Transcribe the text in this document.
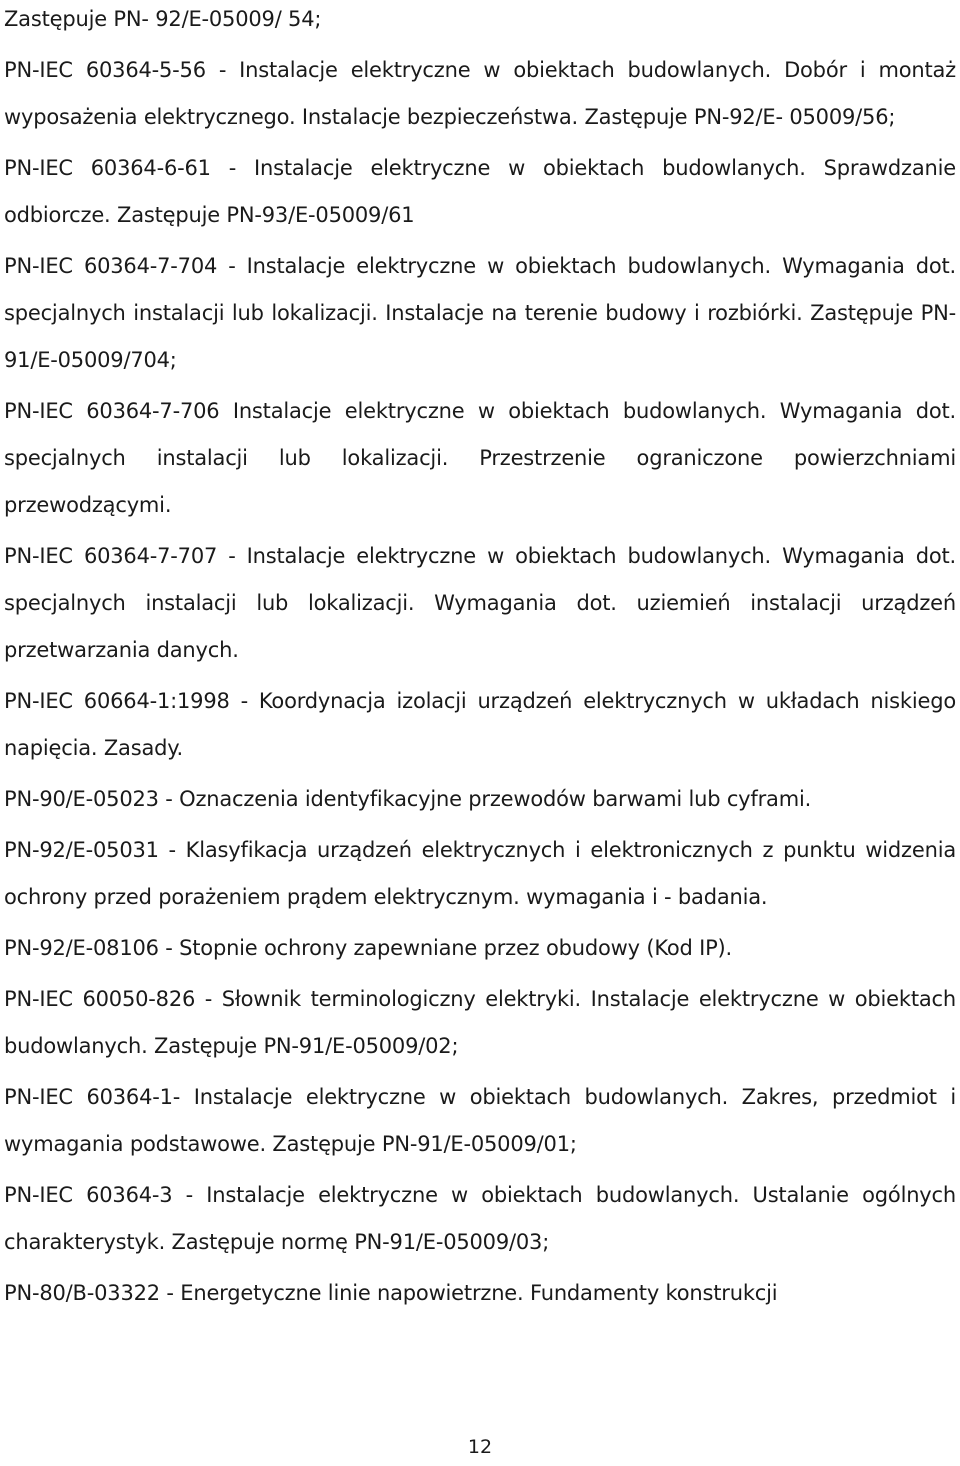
Zastępuje PN- 92/E-05009/ 54;

PN-IEC 60364-5-56 - Instalacje elektryczne w obiektach budowlanych. Dobór i montaż wyposażenia elektrycznego. Instalacje bezpieczeństwa. Zastępuje PN-92/E- 05009/56;

PN-IEC 60364-6-61 - Instalacje elektryczne w obiektach budowlanych. Sprawdzanie odbiorcze. Zastępuje PN-93/E-05009/61

PN-IEC 60364-7-704 - Instalacje elektryczne w obiektach budowlanych. Wymagania dot. specjalnych instalacji lub lokalizacji. Instalacje na terenie budowy i rozbiórki. Zastępuje PN-91/E-05009/704;

PN-IEC 60364-7-706 Instalacje elektryczne w obiektach budowlanych. Wymagania dot. specjalnych instalacji lub lokalizacji. Przestrzenie ograniczone powierzchniami przewodzącymi.

PN-IEC 60364-7-707 - Instalacje elektryczne w obiektach budowlanych. Wymagania dot. specjalnych instalacji lub lokalizacji. Wymagania dot. uziemień instalacji urządzeń przetwarzania danych.

PN-IEC 60664-1:1998 - Koordynacja izolacji urządzeń elektrycznych w układach niskiego napięcia. Zasady.

PN-90/E-05023 - Oznaczenia identyfikacyjne przewodów barwami lub cyframi.

PN-92/E-05031 - Klasyfikacja urządzeń elektrycznych i elektronicznych z punktu widzenia ochrony przed porażeniem prądem elektrycznym. wymagania i - badania.

PN-92/E-08106 - Stopnie ochrony zapewniane przez obudowy (Kod IP).

PN-IEC 60050-826 - Słownik terminologiczny elektryki. Instalacje elektryczne w obiektach budowlanych. Zastępuje PN-91/E-05009/02;

PN-IEC 60364-1- Instalacje elektryczne w obiektach budowlanych. Zakres, przedmiot i wymagania podstawowe. Zastępuje PN-91/E-05009/01;

PN-IEC 60364-3 - Instalacje elektryczne w obiektach budowlanych. Ustalanie ogólnych charakterystyk. Zastępuje normę PN-91/E-05009/03;

PN-80/B-03322 - Energetyczne linie napowietrzne. Fundamenty konstrukcji

12
